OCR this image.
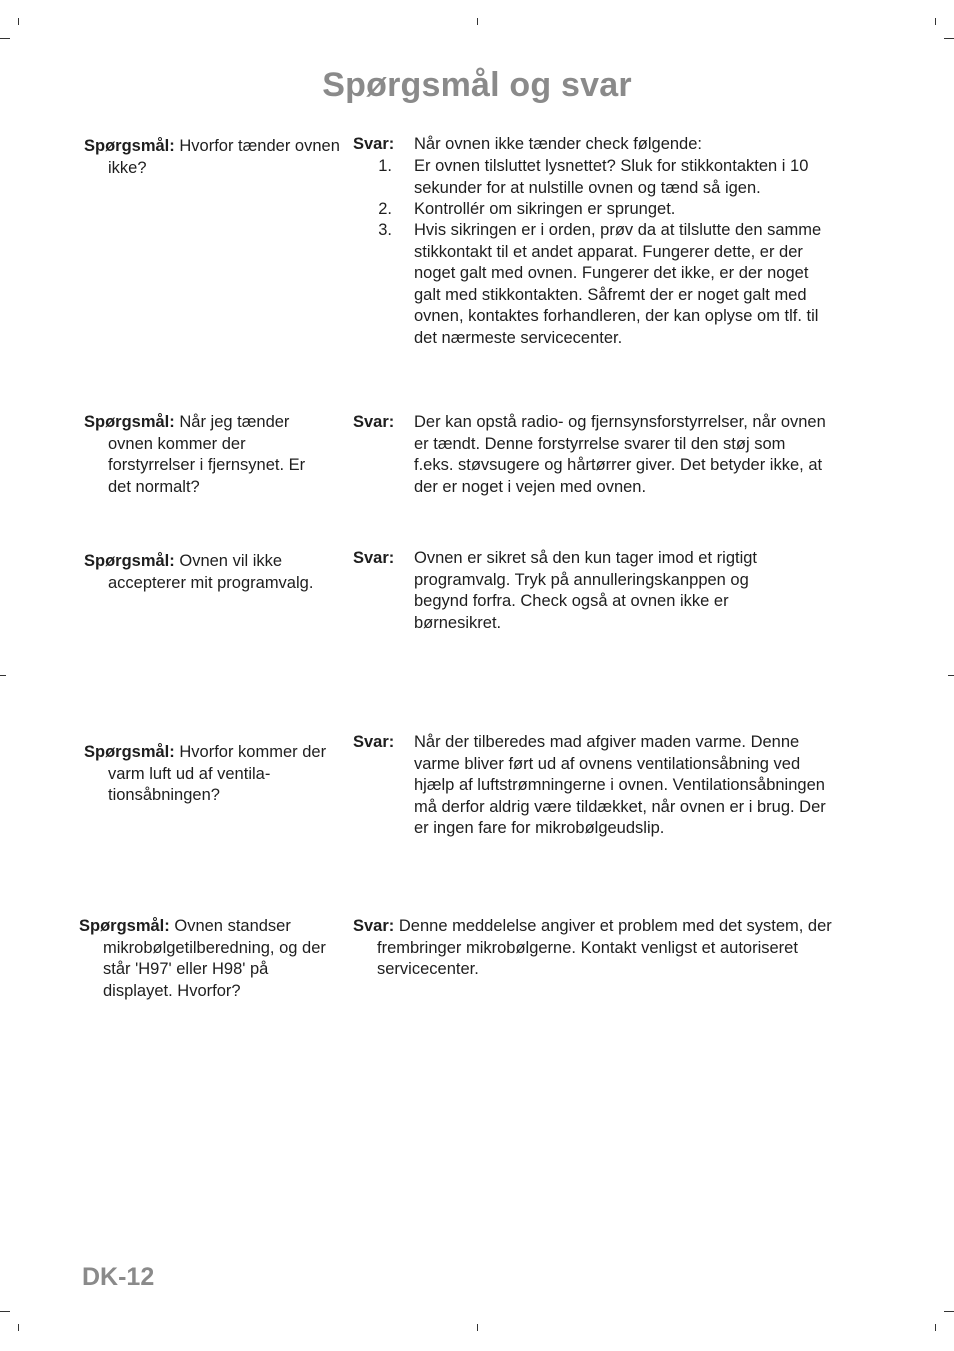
Spørgsmål og svar
Spørgsmål: Hvorfor tænder ovnen ikke?
Svar: Når ovnen ikke tænder check følgende:

1. Er ovnen tilsluttet lysnettet? Sluk for stikkontakten i 10 sekunder for at nulstille ovnen og tænd så igen.
2. Kontrollér om sikringen er sprunget.
3. Hvis sikringen er i orden, prøv da at tilslutte den samme stikkontakt til et andet apparat. Fungerer dette, er der noget galt med ovnen. Fungerer det ikke, er der noget galt med stikkontakten. Såfremt der er noget galt med ovnen, kontaktes forhandleren, der kan oplyse om tlf. til det nærmeste servicecenter.
Spørgsmål: Når jeg tænder ovnen kommer der forstyrrelser i fjernsynet. Er det normalt?
Svar: Der kan opstå radio- og fjernsynsforstyrrelser, når ovnen er tændt. Denne forstyrrelse svarer til den støj som f.eks. støvsugere og hårtørrer giver. Det betyder ikke, at der er noget i vejen med ovnen.
Spørgsmål: Ovnen vil ikke accepterer mit programvalg.
Svar: Ovnen er sikret så den kun tager imod et rigtigt programvalg. Tryk på annulleringskanppen og begynd forfra. Check også at ovnen ikke er børnesikret.
Spørgsmål: Hvorfor kommer der varm luft ud af ventila-tionsåbningen?
Svar: Når der tilberedes mad afgiver maden varme. Denne varme bliver ført ud af ovnens ventilationsåbning ved hjælp af luftstrømningerne i ovnen. Ventilationsåbningen må derfor aldrig være tildækket, når ovnen er i brug. Der er ingen fare for mikrobølgeudslip.
Spørgsmål: Ovnen standser mikrobølgetilberedning, og der står 'H97' eller H98' på displayet. Hvorfor?
Svar: Denne meddelelse angiver et problem med det system, der frembringer mikrobølgerne. Kontakt venligst et autoriseret servicecenter.
DK-12
